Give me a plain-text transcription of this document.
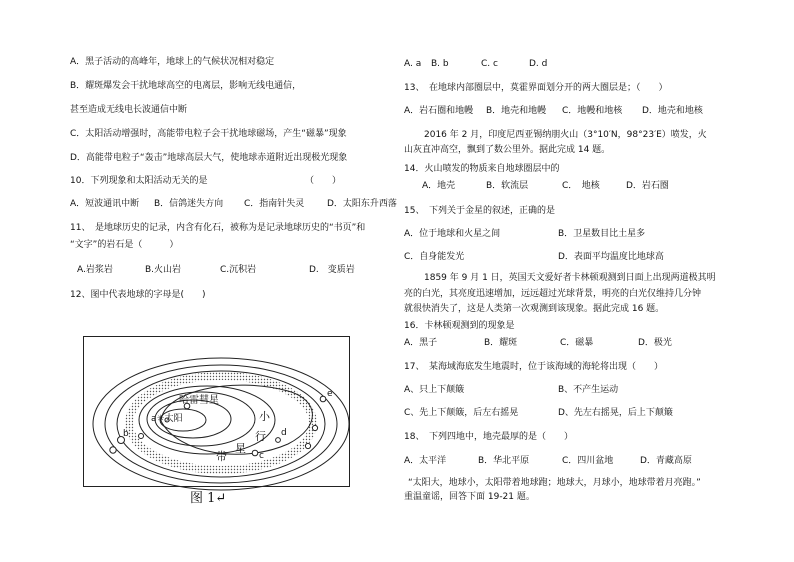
A．黑子活动的高峰年，地球上的气候状况相对稳定
B．耀斑爆发会干扰地球高空的电离层，影响无线电通信，
甚至造成无线电长波通信中断
C．太阳活动增强时，高能带电粒子会干扰地球磁场，产生“磁暴”现象
D．高能带电粒子“轰击”地球高层大气，使地球赤道附近出现极光现象
10．下列现象和太阳活动无关的是	（　　）
A．短波通讯中断 B．信鸽迷失方向 C．指南针失灵	D．太阳东升西落
11、　是地球历史的记录，内含有化石，被称为是记录地球历史的“书页”和
“文字”的岩石是（　　　）
A.岩浆岩	B.火山岩	C.沉积岩	D.　变质岩
12、图中代表地球的字母是(　　)
哈雷彗星
a☼太阳
b
c
d
e
小
行
星
带
图 1↵
A. a B. b	C. c	D. d
13、　在地球内部圈层中，莫霍界面划分开的两大圈层是；（　　）
A．岩石圈和地幔 B．地壳和地幔 C．地幔和地核 D．地壳和地核
2016 年 2 月，印度尼西亚锡纳朋火山（3°10′N，98°23′E）喷发，火
山灰直冲高空，飘到了数公里外。据此完成 14 题。
14．火山喷发的物质来自地球圈层中的
A．地壳	B．软流层	C．　地核	D．岩石圈
15、　下列关于金星的叙述，正确的是
A．位于地球和火星之间	B．卫星数目比土星多
C．自身能发光	D．表面平均温度比地球高
1859 年 9 月 1 日，英国天文爱好者卡林顿观测到日面上出现两道极其明
亮的白光，其亮度迅速增加，远远超过光球背景，明亮的白光仅维持几分钟
就很快消失了，这是人类第一次观测到该现象。据此完成 16 题。
16．卡林顿观测到的现象是
A．黑子	B．耀斑	C．磁暴	D．极光
17、　某海域海底发生地震时，位于该海域的海轮将出现（　　）
A、只上下颠簸	B、不产生运动
C、先上下颠簸，后左右摇晃	D、先左右摇晃，后上下颠簸
18、　下列四地中，地壳最厚的是（　　）
A．太平洋	B．华北平原	C．四川盆地	D．青藏高原
“太阳大，地球小，太阳带着地球跑；地球大，月球小，地球带着月亮跑。”
重温童谣，回答下面 19-21 题。
